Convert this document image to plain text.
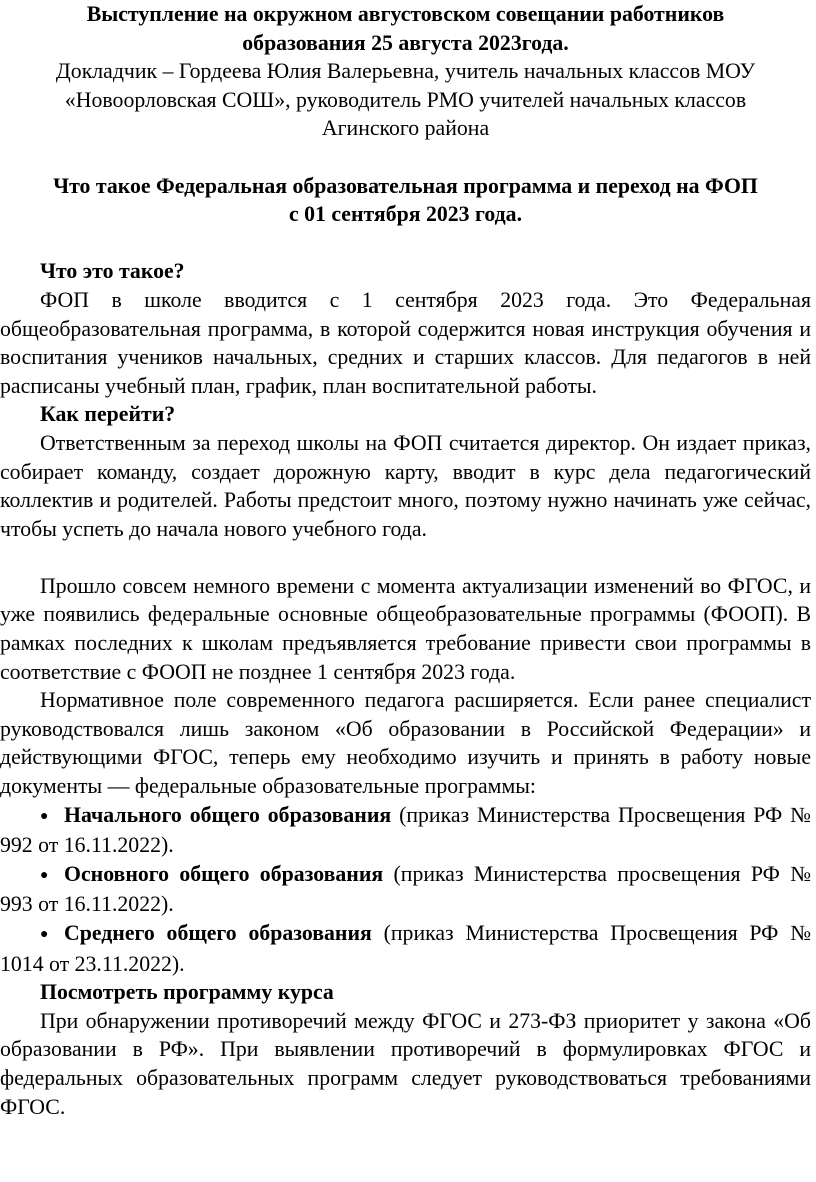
Выступление на окружном августовском совещании работников

образования 25 августа 2023года.

Докладчик – Гордеева Юлия Валерьевна, учитель начальных классов МОУ

«Новоорловская СОШ», руководитель РМО учителей начальных классов

Агинского района

Что такое Федеральная образовательная программа и переход на ФОП

с 01 сентября 2023 года.

Что это такое?

ФОП в школе вводится с 1 сентября 2023 года. Это Федеральная общеобразовательная программа, в которой содержится новая инструкция обучения и воспитания учеников начальных, средних и старших классов. Для педагогов в ней расписаны учебный план, график, план воспитательной работы.

Как перейти?

Ответственным за переход школы на ФОП считается директор. Он издает приказ, собирает команду, создает дорожную карту, вводит в курс дела педагогический коллектив и родителей. Работы предстоит много, поэтому нужно начинать уже сейчас, чтобы успеть до начала нового учебного года.

Прошло совсем немного времени с момента актуализации изменений во ФГОС, и уже появились федеральные основные общеобразовательные программы (ФООП). В рамках последних к школам предъявляется требование привести свои программы в соответствие с ФООП не позднее 1 сентября 2023 года.

Нормативное поле современного педагога расширяется. Если ранее специалист руководствовался лишь законом «Об образовании в Российской Федерации» и действующими ФГОС, теперь ему необходимо изучить и принять в работу новые документы — федеральные образовательные программы:

● Начального общего образования (приказ Министерства Просвещения РФ № 992 от 16.11.2022).
● Основного общего образования (приказ Министерства просвещения РФ № 993 от 16.11.2022).
● Среднего общего образования (приказ Министерства Просвещения РФ № 1014 от 23.11.2022).

Посмотреть программу курса

При обнаружении противоречий между ФГОС и 273-ФЗ приоритет у закона «Об образовании в РФ». При выявлении противоречий в формулировках ФГОС и федеральных образовательных программ следует руководствоваться требованиями ФГОС.
